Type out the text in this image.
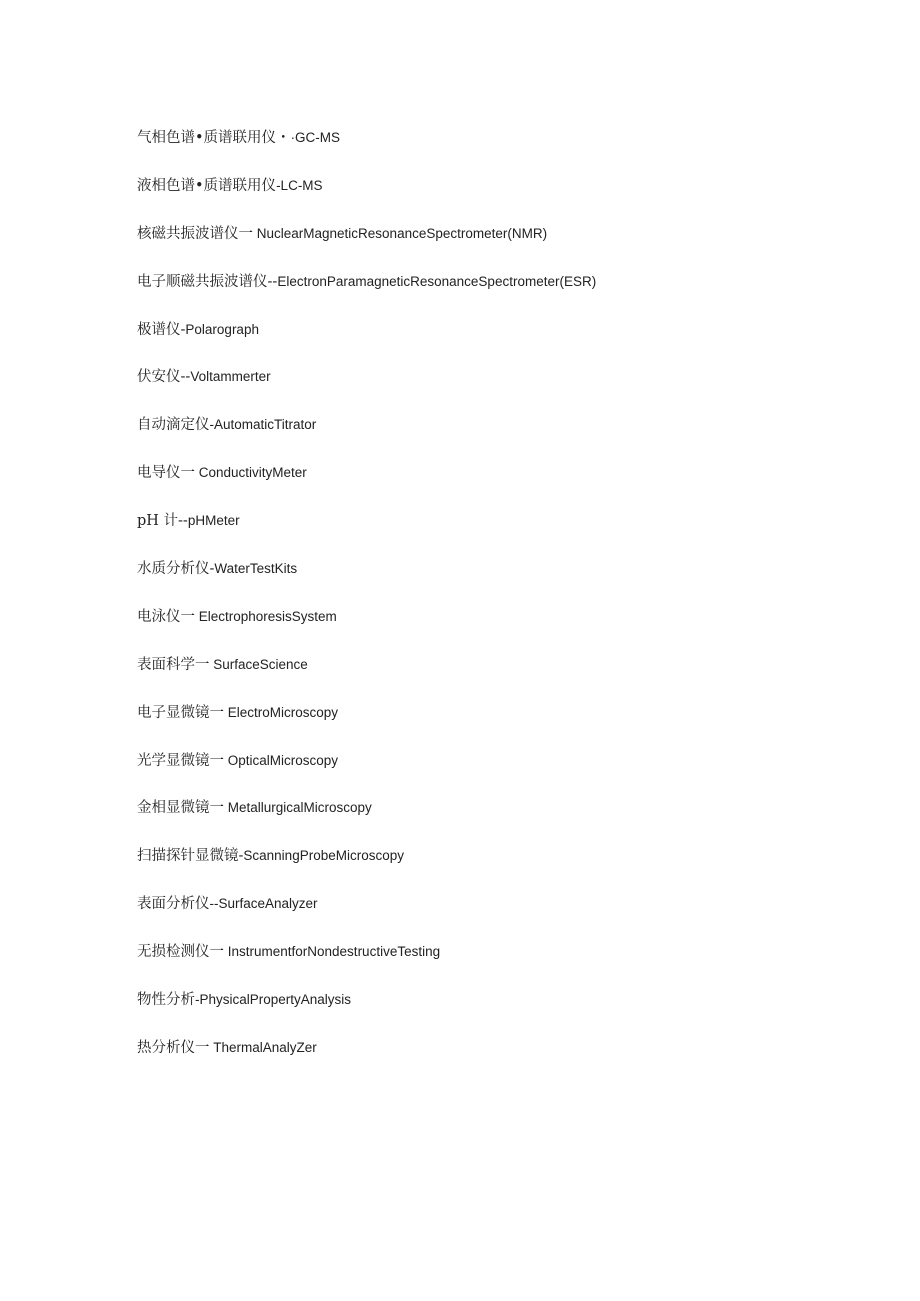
气相色谱•质谱联用仪・·GC-MS
液相色谱•质谱联用仪-LC-MS
核磁共振波谱仪一 NuclearMagneticResonanceSpectrometer(NMR)
电子顺磁共振波谱仪--ElectronParamagneticResonanceSpectrometer(ESR)
极谱仪-Polarograph
伏安仪--Voltammerter
自动滴定仪-AutomaticTitrator
电导仪一 ConductivityMeter
pH 计--pHMeter
水质分析仪-WaterTestKits
电泳仪一 ElectrophoresisSystem
表面科学一 SurfaceScience
电子显微镜一 ElectroMicroscopy
光学显微镜一 OpticalMicroscopy
金相显微镜一 MetallurgicalMicroscopy
扫描探针显微镜-ScanningProbeMicroscopy
表面分析仪--SurfaceAnalyzer
无损检测仪一 InstrumentforNondestructiveTesting
物性分析-PhysicalPropertyAnalysis
热分析仪一 ThermalAnalyZer
